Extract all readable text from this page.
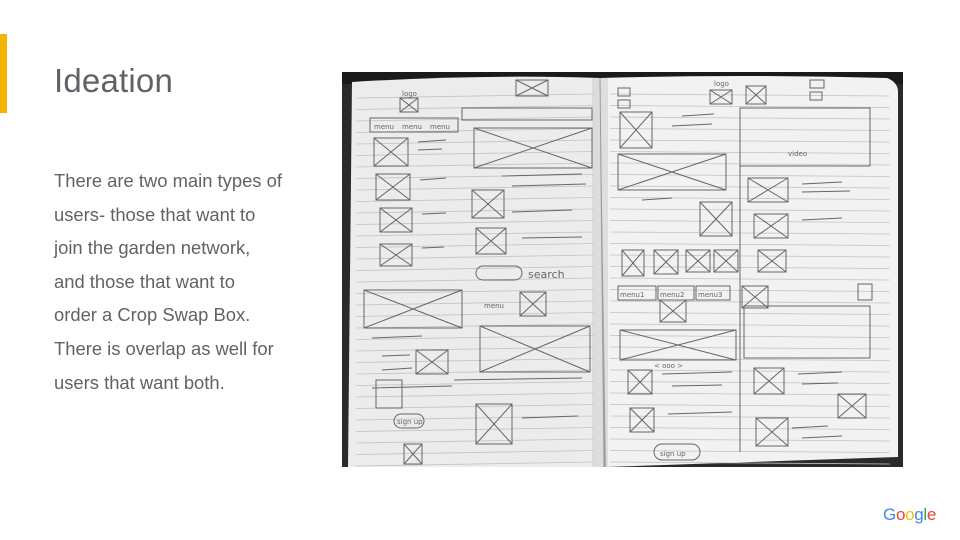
Ideation
There are two main types of
users- those that want to
join the garden network,
and those that want to
order a Crop Swap Box.
There is overlap as well for
users that want both.
logo
menu menu menu
menu
search
sign up
logo
video
menu1 menu2 menu3
< ooo >
sign up
Google
